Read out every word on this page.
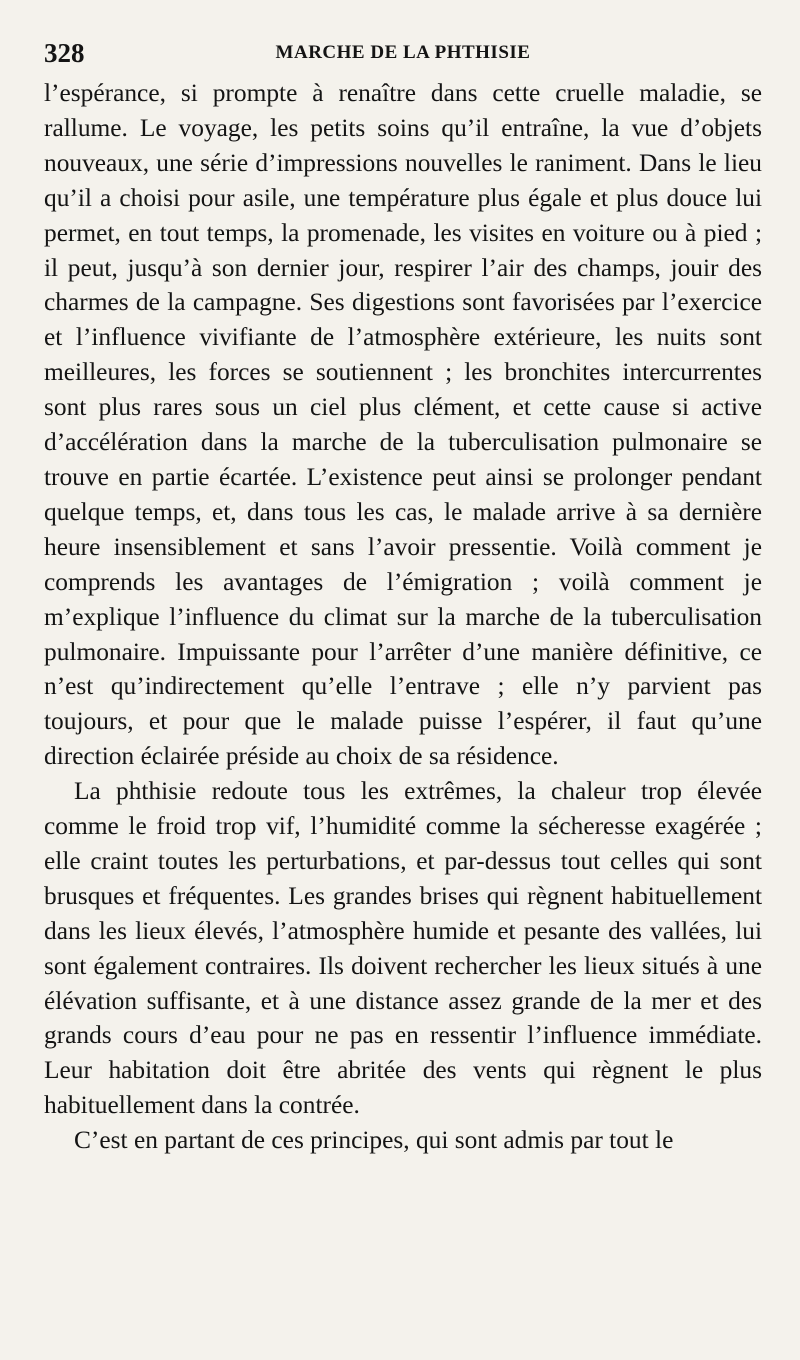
328	MARCHE DE LA PHTHISIE

l’espérance, si prompte à renaître dans cette cruelle maladie, se rallume. Le voyage, les petits soins qu’il entraîne, la vue d’objets nouveaux, une série d’impressions nouvelles le raniment. Dans le lieu qu’il a choisi pour asile, une température plus égale et plus douce lui permet, en tout temps, la promenade, les visites en voiture ou à pied ; il peut, jusqu’à son dernier jour, respirer l’air des champs, jouir des charmes de la campagne. Ses digestions sont favorisées par l’exercice et l’influence vivifiante de l’atmosphère extérieure, les nuits sont meilleures, les forces se soutiennent ; les bronchites intercurrentes sont plus rares sous un ciel plus clément, et cette cause si active d’accélération dans la marche de la tuberculisation pulmonaire se trouve en partie écartée. L’existence peut ainsi se prolonger pendant quelque temps, et, dans tous les cas, le malade arrive à sa dernière heure insensiblement et sans l’avoir pressentie. Voilà comment je comprends les avantages de l’émigration ; voilà comment je m’explique l’influence du climat sur la marche de la tuberculisation pulmonaire. Impuissante pour l’arrêter d’une manière définitive, ce n’est qu’indirectement qu’elle l’entrave ; elle n’y parvient pas toujours, et pour que le malade puisse l’espérer, il faut qu’une direction éclairée préside au choix de sa résidence.

La phthisie redoute tous les extrêmes, la chaleur trop élevée comme le froid trop vif, l’humidité comme la sécheresse exagérée ; elle craint toutes les perturbations, et par-dessus tout celles qui sont brusques et fréquentes. Les grandes brises qui règnent habituellement dans les lieux élevés, l’atmosphère humide et pesante des vallées, lui sont également contraires. Ils doivent rechercher les lieux situés à une élévation suffisante, et à une distance assez grande de la mer et des grands cours d’eau pour ne pas en ressentir l’influence immédiate. Leur habitation doit être abritée des vents qui règnent le plus habituellement dans la contrée.

C’est en partant de ces principes, qui sont admis par tout le
